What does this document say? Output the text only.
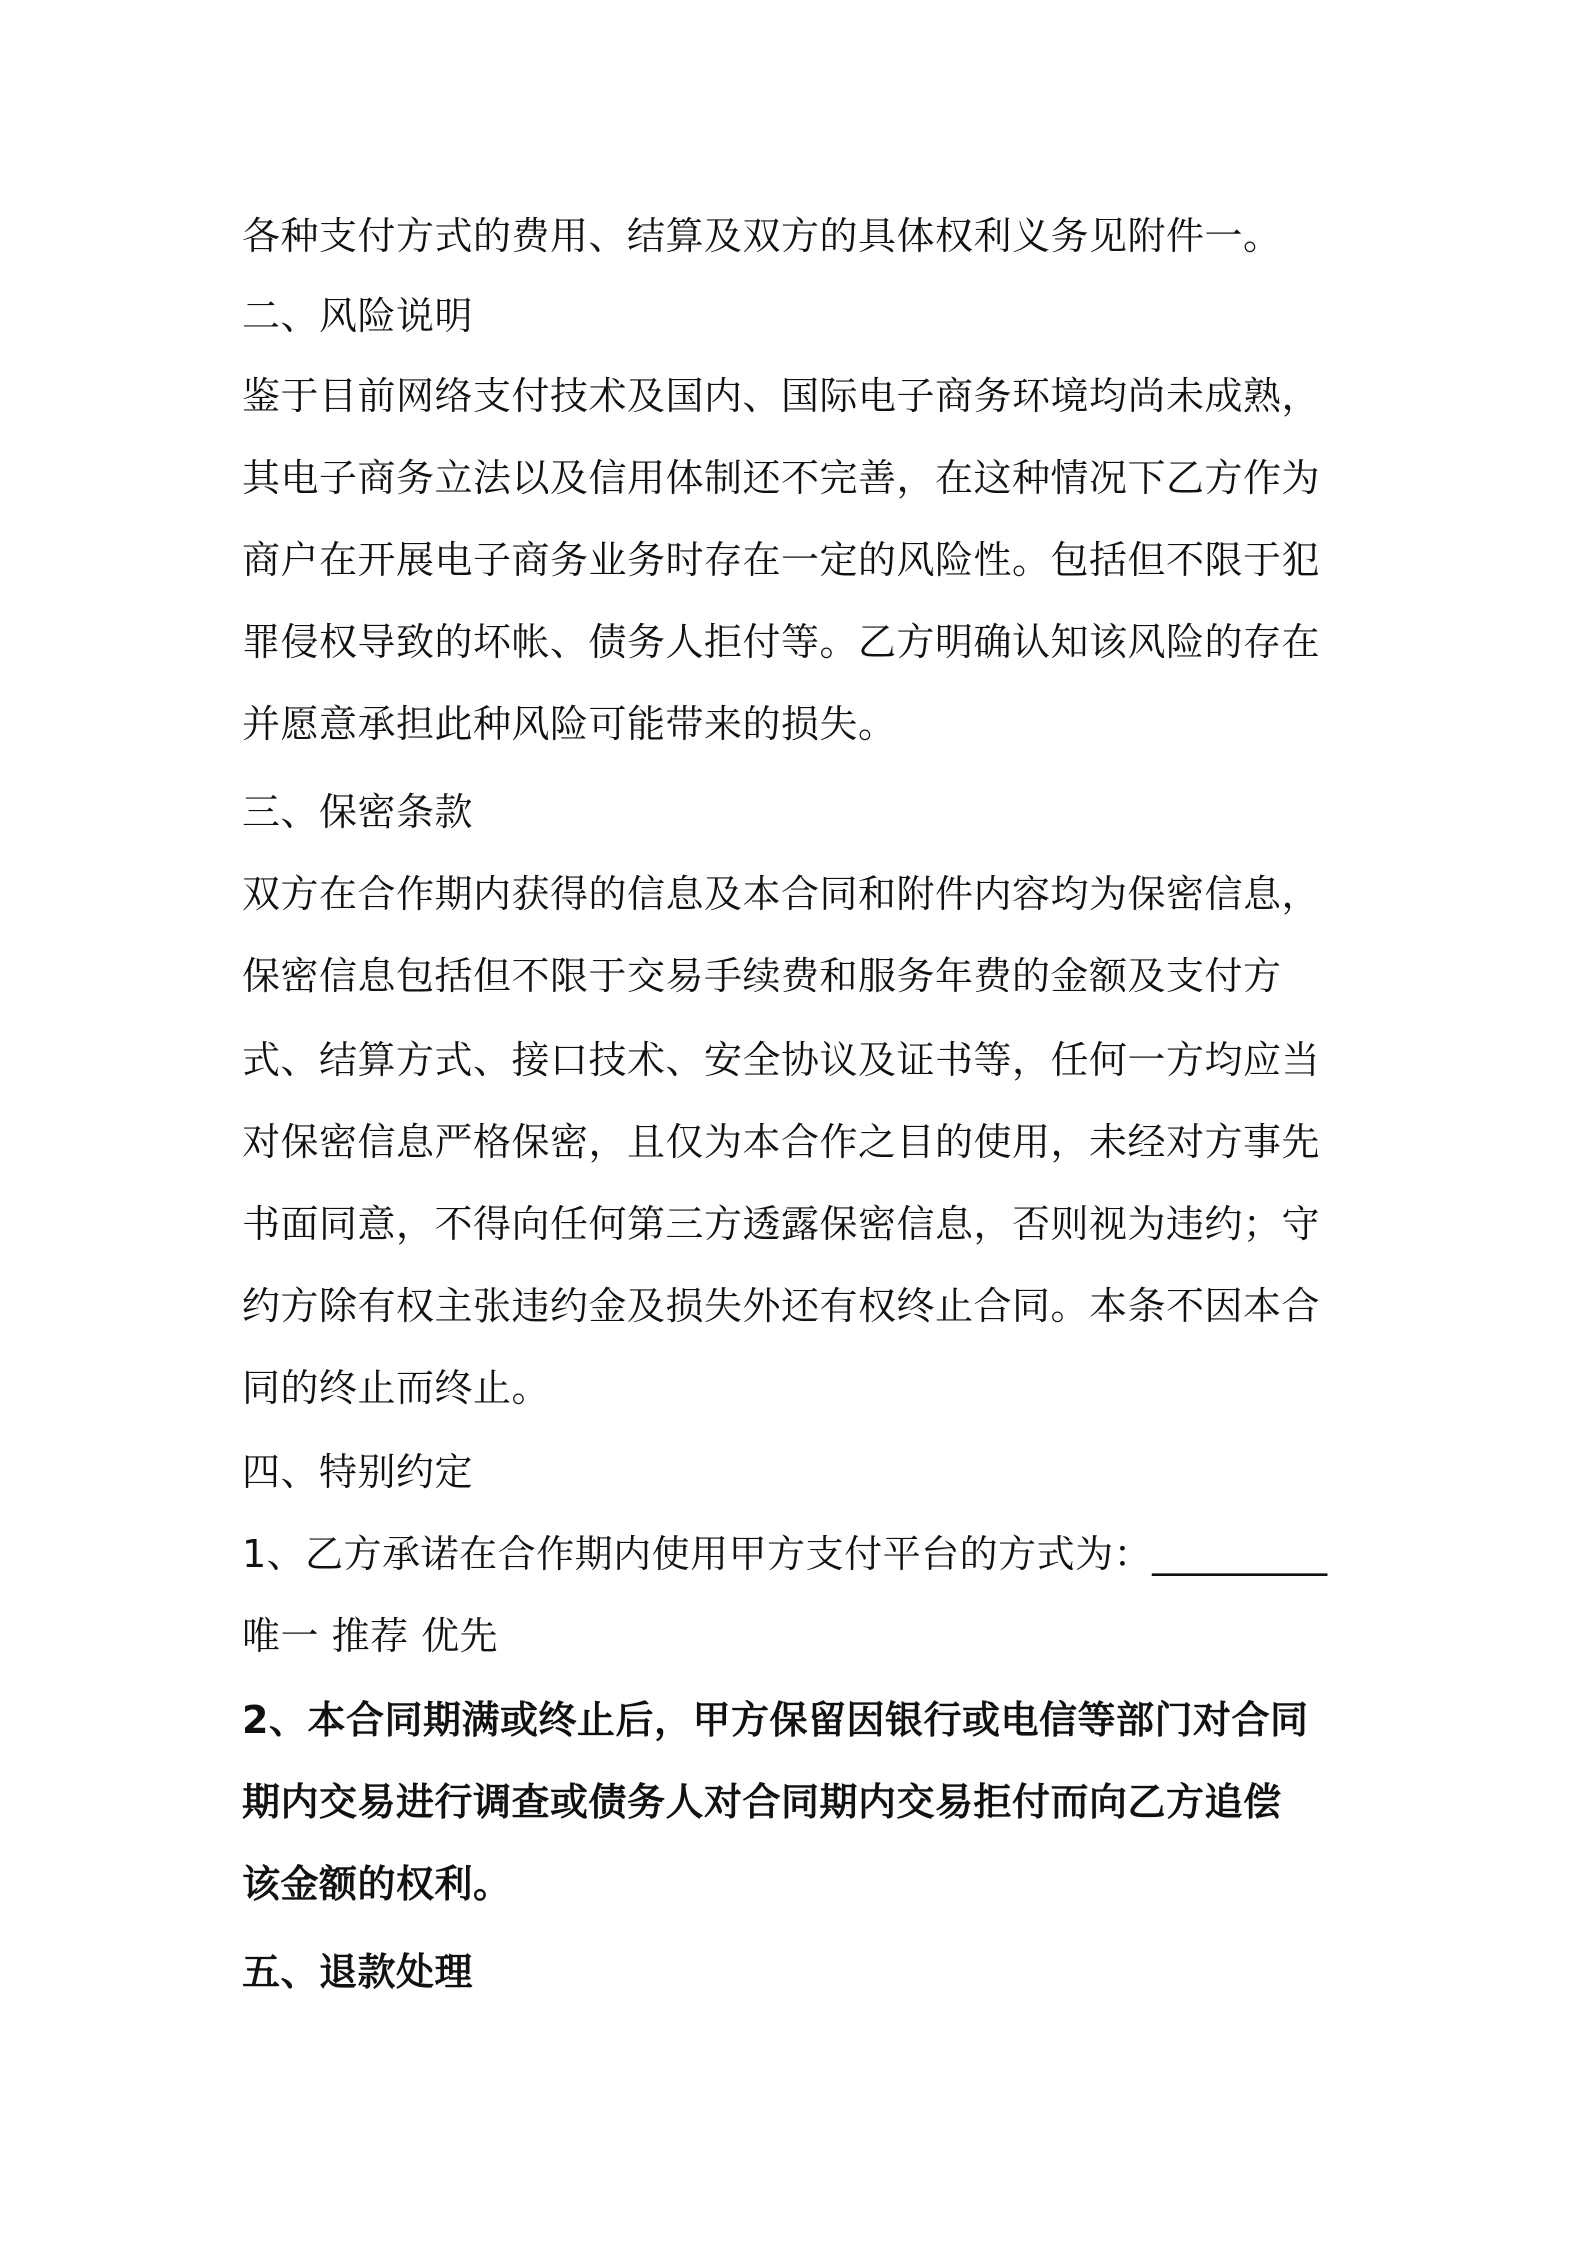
各种支付方式的费用、结算及双方的具体权利义务见附件一。
二、风险说明
鉴于目前网络支付技术及国内、国际电子商务环境均尚未成熟，
其电子商务立法以及信用体制还不完善，在这种情况下乙方作为
商户在开展电子商务业务时存在一定的风险性。包括但不限于犯
罪侵权导致的坏帐、债务人拒付等。乙方明确认知该风险的存在
并愿意承担此种风险可能带来的损失。
三、保密条款
双方在合作期内获得的信息及本合同和附件内容均为保密信息，
保密信息包括但不限于交易手续费和服务年费的金额及支付方
式、结算方式、接口技术、安全协议及证书等，任何一方均应当
对保密信息严格保密，且仅为本合作之目的使用，未经对方事先
书面同意，不得向任何第三方透露保密信息，否则视为违约；守
约方除有权主张违约金及损失外还有权终止合同。本条不因本合
同的终止而终止。
四、特别约定
1、乙方承诺在合作期内使用甲方支付平台的方式为：_________
唯一 推荐 优先
2、本合同期满或终止后，甲方保留因银行或电信等部门对合同
期内交易进行调查或债务人对合同期内交易拒付而向乙方追偿
该金额的权利。
五、退款处理
